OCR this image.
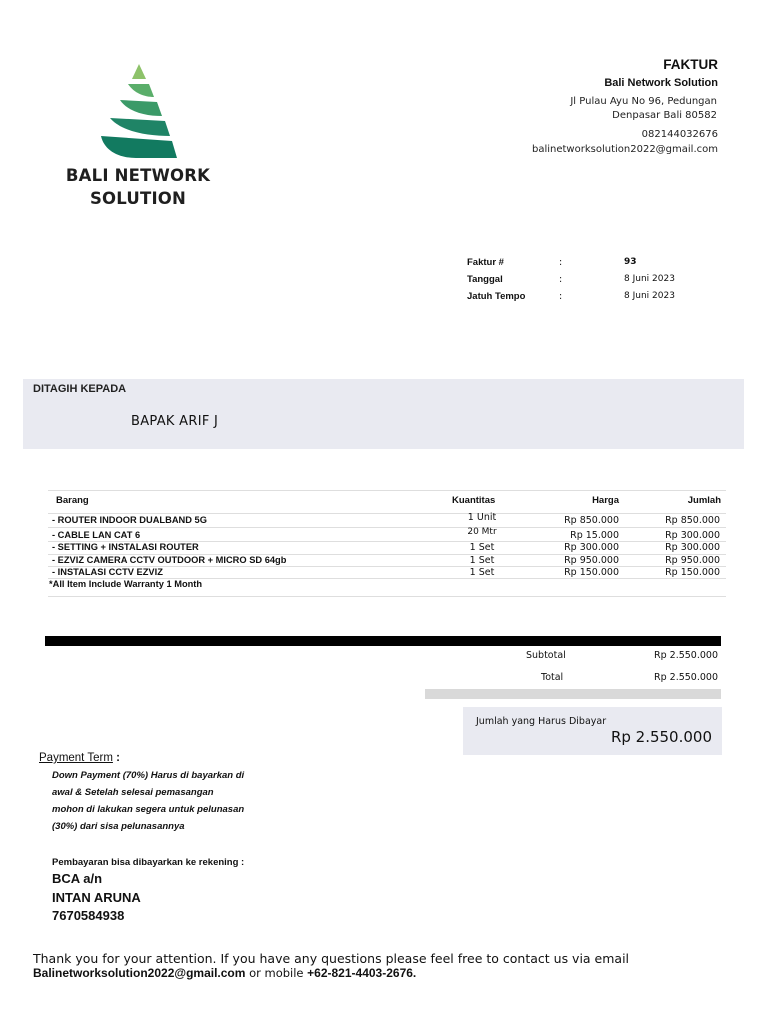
BALI NETWORK
SOLUTION
FAKTUR
Bali Network Solution
Jl Pulau Ayu No 96, Pedungan
Denpasar Bali 80582
082144032676
balinetworksolution2022@gmail.com
Faktur #	:	93
Tanggal	:	8 Juni 2023
Jatuh Tempo	:	8 Juni 2023
DITAGIH KEPADA
BAPAK ARIF J
Barang	Kuantitas	Harga	Jumlah
- ROUTER INDOOR DUALBAND 5G	1 Unit	Rp 850.000	Rp 850.000
- CABLE LAN CAT 6	20 Mtr	Rp 15.000	Rp 300.000
- SETTING + INSTALASI ROUTER	1 Set	Rp 300.000	Rp 300.000
- EZVIZ CAMERA CCTV OUTDOOR + MICRO SD 64gb	1 Set	Rp 950.000	Rp 950.000
- INSTALASI CCTV EZVIZ	1 Set	Rp 150.000	Rp 150.000
*All Item Include Warranty 1 Month
Subtotal	Rp 2.550.000
Total	Rp 2.550.000
Jumlah yang Harus Dibayar
Rp 2.550.000
Payment Term :
Down Payment (70%) Harus di bayarkan di
awal & Setelah selesai pemasangan
mohon di lakukan segera untuk pelunasan
(30%) dari sisa pelunasannya
Pembayaran bisa dibayarkan ke rekening :
BCA a/n
INTAN ARUNA
7670584938
Thank you for your attention. If you have any questions please feel free to contact us via email
Balinetworksolution2022@gmail.com or mobile +62-821-4403-2676.
